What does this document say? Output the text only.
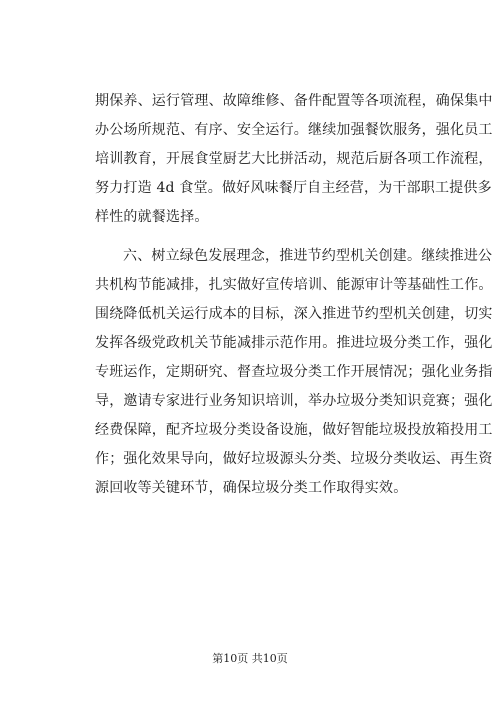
期保养、运行管理、故障维修、备件配置等各项流程，确保集中
办公场所规范、有序、安全运行。继续加强餐饮服务，强化员工
培训教育，开展食堂厨艺大比拼活动，规范后厨各项工作流程，
努力打造 4d 食堂。做好风味餐厅自主经营，为干部职工提供多
样性的就餐选择。
六、树立绿色发展理念，推进节约型机关创建。继续推进公
共机构节能减排，扎实做好宣传培训、能源审计等基础性工作。
围绕降低机关运行成本的目标，深入推进节约型机关创建，切实
发挥各级党政机关节能减排示范作用。推进垃圾分类工作，强化
专班运作，定期研究、督查垃圾分类工作开展情况；强化业务指
导，邀请专家进行业务知识培训，举办垃圾分类知识竞赛；强化
经费保障，配齐垃圾分类设备设施，做好智能垃圾投放箱投用工
作；强化效果导向，做好垃圾源头分类、垃圾分类收运、再生资
源回收等关键环节，确保垃圾分类工作取得实效。
第10页 共10页
